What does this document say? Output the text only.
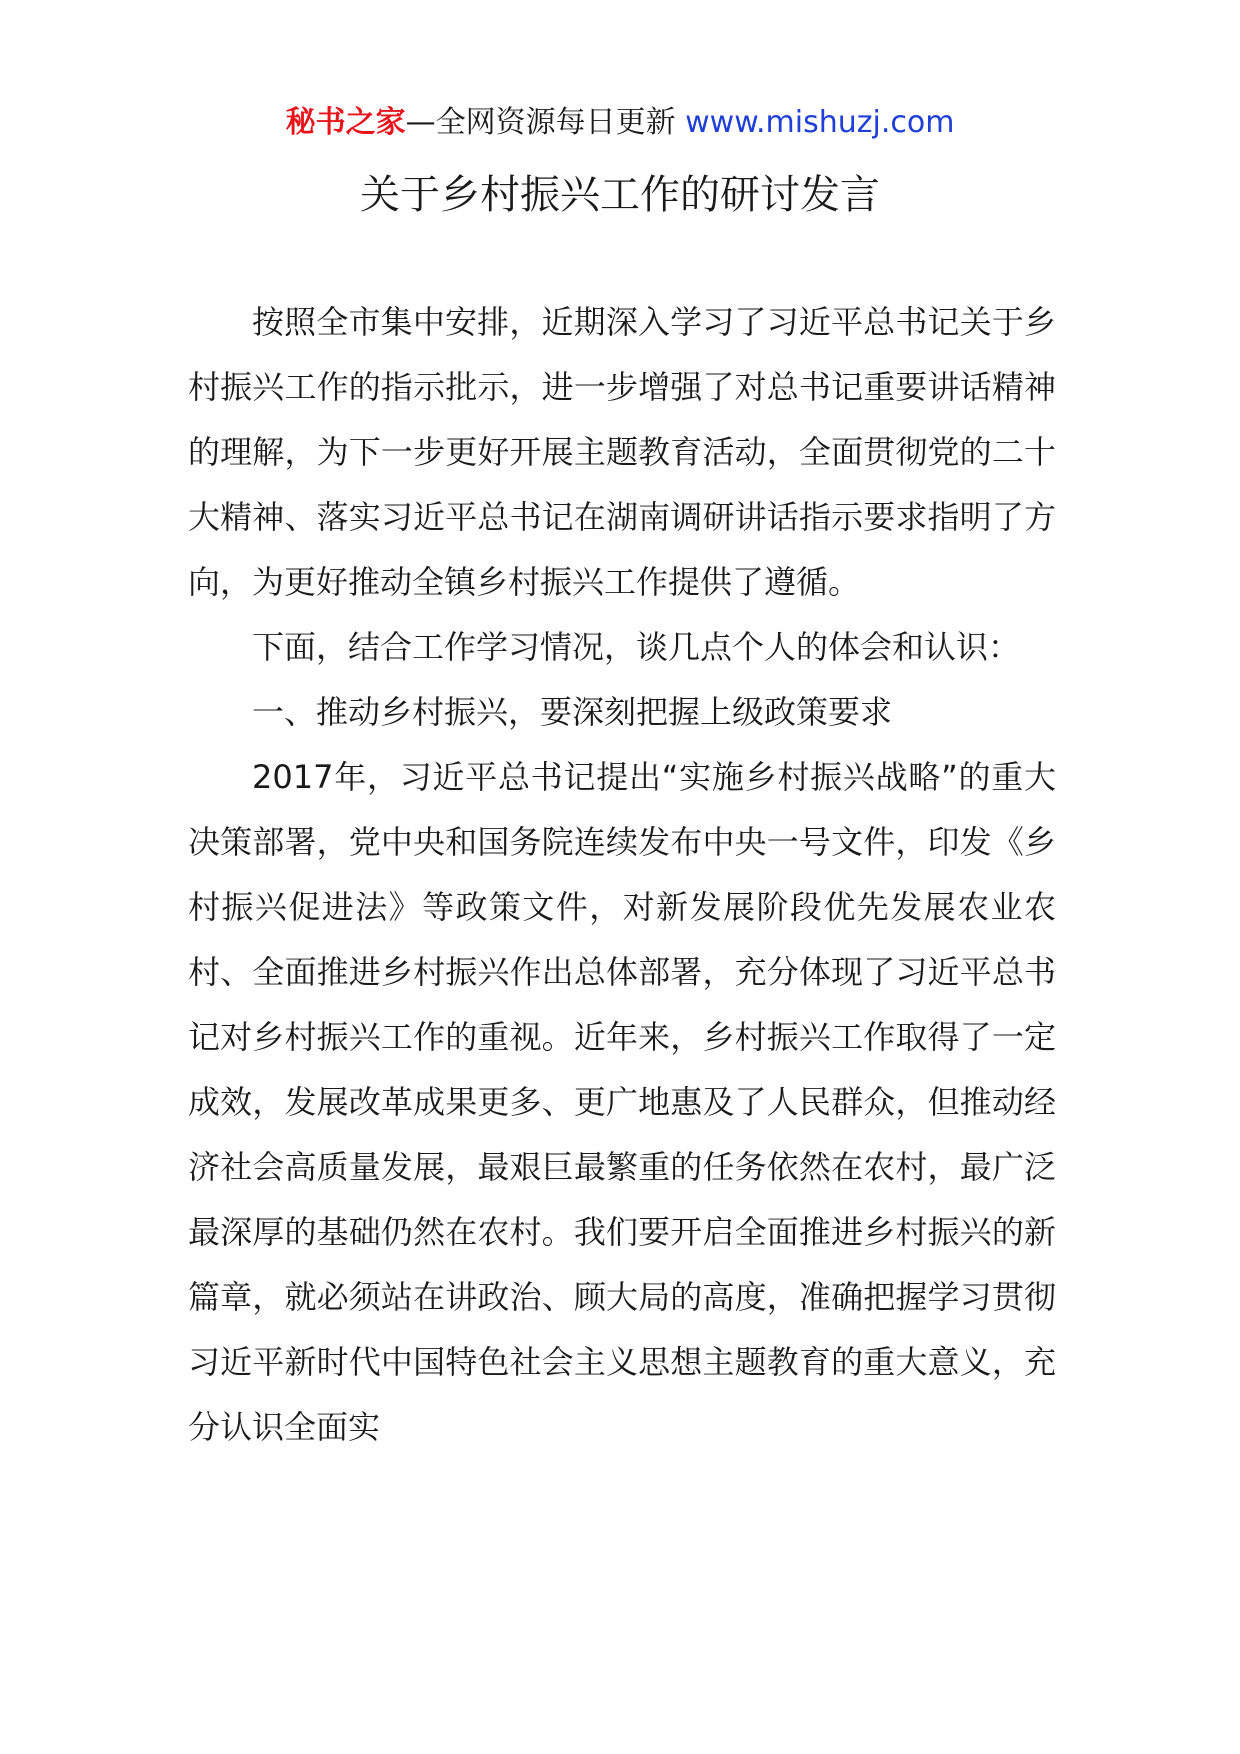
秘书之家—全网资源每日更新 www.mishuzj.com
关于乡村振兴工作的研讨发言

按照全市集中安排，近期深入学习了习近平总书记关于乡村振兴工作的指示批示，进一步增强了对总书记重要讲话精神的理解，为下一步更好开展主题教育活动，全面贯彻党的二十大精神、落实习近平总书记在湖南调研讲话指示要求指明了方向，为更好推动全镇乡村振兴工作提供了遵循。

下面，结合工作学习情况，谈几点个人的体会和认识：

一、推动乡村振兴，要深刻把握上级政策要求

2017年，习近平总书记提出“实施乡村振兴战略”的重大决策部署，党中央和国务院连续发布中央一号文件，印发《乡村振兴促进法》等政策文件，对新发展阶段优先发展农业农村、全面推进乡村振兴作出总体部署，充分体现了习近平总书记对乡村振兴工作的重视。近年来，乡村振兴工作取得了一定成效，发展改革成果更多、更广地惠及了人民群众，但推动经济社会高质量发展，最艰巨最繁重的任务依然在农村，最广泛最深厚的基础仍然在农村。我们要开启全面推进乡村振兴的新篇章，就必须站在讲政治、顾大局的高度，准确把握学习贯彻习近平新时代中国特色社会主义思想主题教育的重大意义，充分认识全面实
